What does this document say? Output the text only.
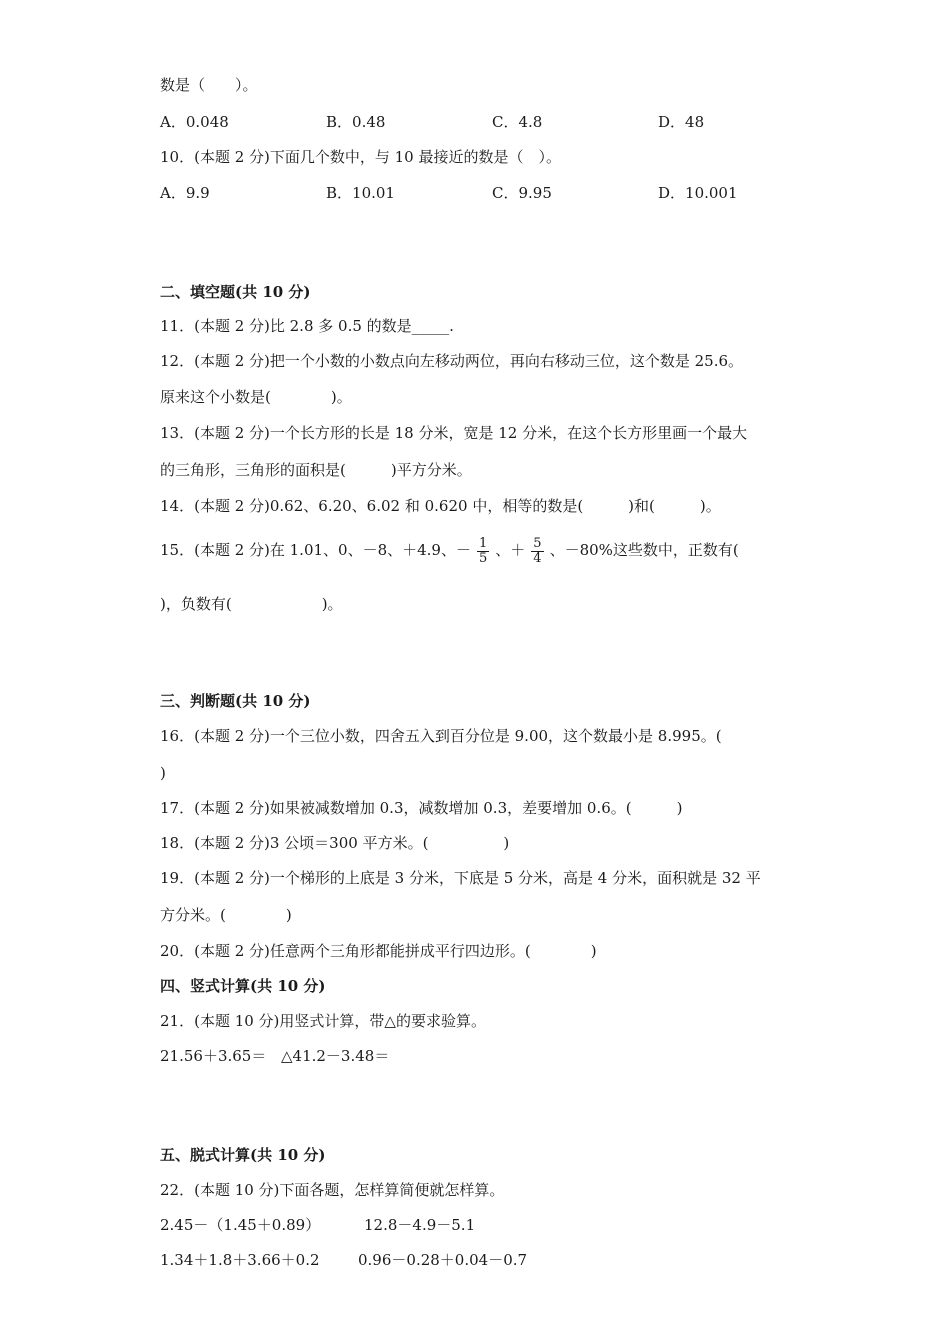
数是（　　）。
A．0.048	B．0.48	C．4.8	D．48
10．(本题 2 分)下面几个数中，与 10 最接近的数是（　）。
A．9.9	B．10.01	C．9.95	D．10.001
二、填空题(共 10 分)
11．(本题 2 分)比 2.8 多 0.5 的数是_____.
12．(本题 2 分)把一个小数的小数点向左移动两位，再向右移动三位，这个数是 25.6。
原来这个小数是(　　　　)。
13．(本题 2 分)一个长方形的长是 18 分米，宽是 12 分米，在这个长方形里画一个最大
的三角形，三角形的面积是(　　　)平方分米。
14．(本题 2 分)0.62、6.20、6.02 和 0.620 中，相等的数是(　　　)和(　　　)。
15．(本题 2 分)在 1.01、0、－8、＋4.9、－ $\frac{1}{5}$ 、＋ $\frac{5}{4}$ 、－80%这些数中，正数有(
)，负数有(　　　　　　)。
三、判断题(共 10 分)
16．(本题 2 分)一个三位小数，四舍五入到百分位是 9.00，这个数最小是 8.995。(
)
17．(本题 2 分)如果被减数增加 0.3，减数增加 0.3，差要增加 0.6。(　　　)
18．(本题 2 分)3 公顷＝300 平方米。(　　　　　)
19．(本题 2 分)一个梯形的上底是 3 分米，下底是 5 分米，高是 4 分米，面积就是 32 平
方分米。(　　　　)
20．(本题 2 分)任意两个三角形都能拼成平行四边形。(　　　　)
四、竖式计算(共 10 分)
21．(本题 10 分)用竖式计算，带△的要求验算。
21.56＋3.65＝ △41.2－3.48＝
五、脱式计算(共 10 分)
22．(本题 10 分)下面各题，怎样算简便就怎样算。
2.45－（1.45＋0.89）	12.8－4.9－5.1
1.34＋1.8＋3.66＋0.2	0.96－0.28＋0.04－0.7
